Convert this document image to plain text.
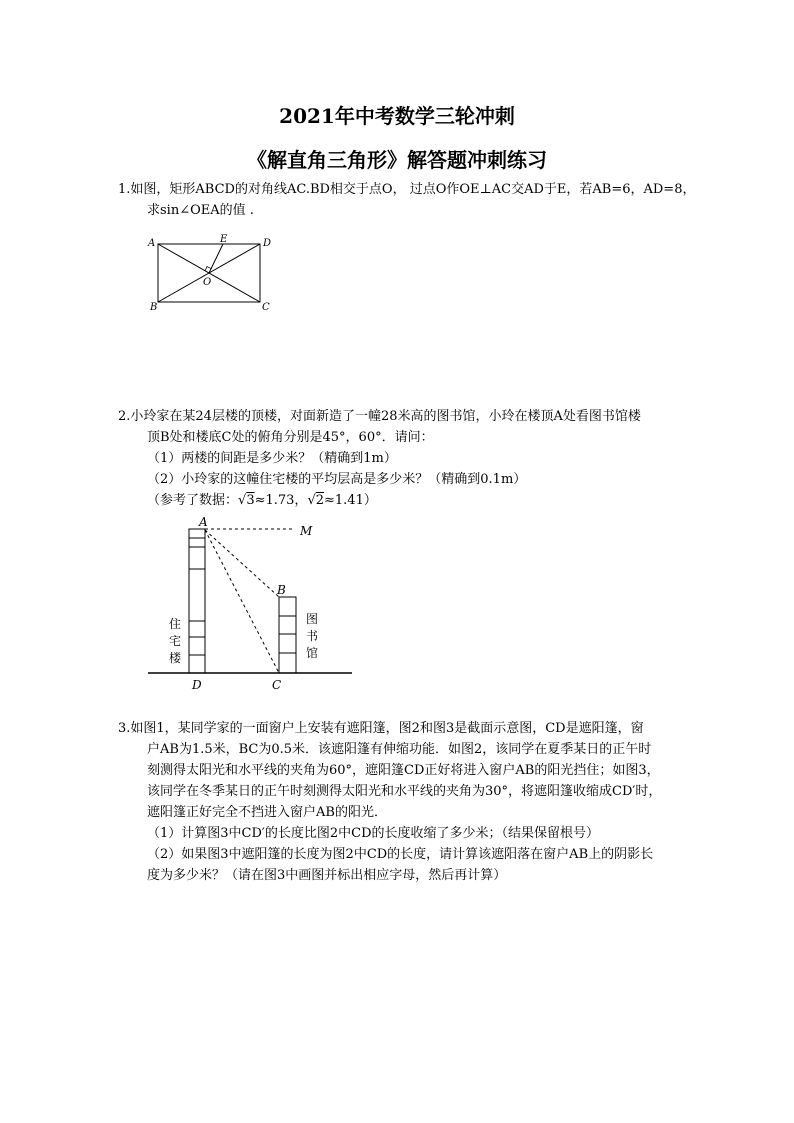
2021年中考数学三轮冲刺
《解直角三角形》解答题冲刺练习
1.如图，矩形ABCD的对角线AC.BD相交于点O， 过点O作OE⊥AC交AD于E，若AB=6，AD=8，
求sin∠OEA的值 .
A	D
E
O
B	C
2.小玲家在某24层楼的顶楼，对面新造了一幢28米高的图书馆，小玲在楼顶A处看图书馆楼
顶B处和楼底C处的俯角分别是45°，60°．请问：
（1）两楼的间距是多少米？（精确到1m）
（2）小玲家的这幢住宅楼的平均层高是多少米？（精确到0.1m）
（参考了数据：√3≈1.73，√2≈1.41）
A
M
B
C
D
住
宅
楼
图
书
馆
3.如图1，某同学家的一面窗户上安装有遮阳篷，图2和图3是截面示意图，CD是遮阳篷，窗
户AB为1.5米，BC为0.5米．该遮阳篷有伸缩功能．如图2，该同学在夏季某日的正午时
刻测得太阳光和水平线的夹角为60°，遮阳篷CD正好将进入窗户AB的阳光挡住；如图3，
该同学在冬季某日的正午时刻测得太阳光和水平线的夹角为30°，将遮阳篷收缩成CD′时，
遮阳篷正好完全不挡进入窗户AB的阳光．
（1）计算图3中CD′的长度比图2中CD的长度收缩了多少米；（结果保留根号）
（2）如果图3中遮阳篷的长度为图2中CD的长度，请计算该遮阳落在窗户AB上的阴影长
度为多少米？（请在图3中画图并标出相应字母，然后再计算）
